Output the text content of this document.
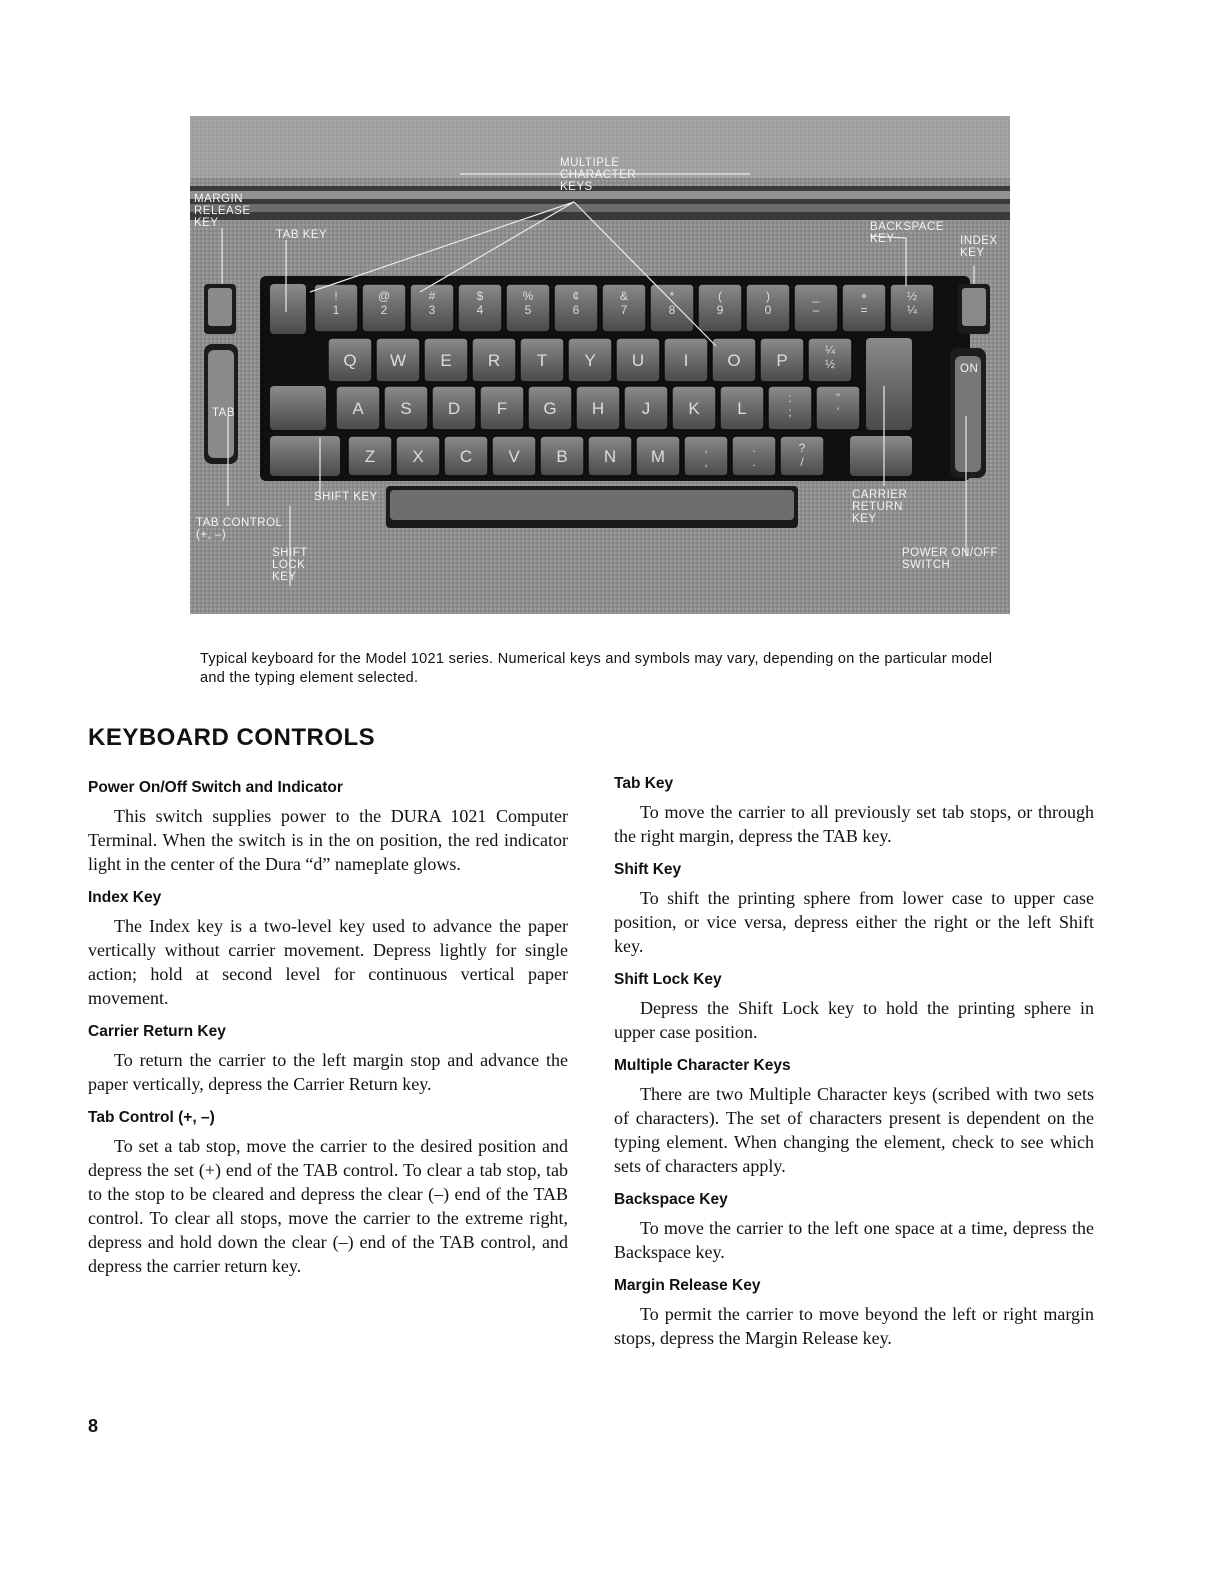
!
1
@
2
#
3
$
4
%
5
¢
6
&
7
*
8
(
9
)
0
_
–
+
=
½
¼
Q W E R T Y U I O P
¼
½
A S D F G H J K L
:
;
"
'
Z X C V B N M	,
,
.
.
?
/
MULTIPLE
CHARACTER
KEYS
MARGIN
RELEASE
KEY
TAB KEY
BACKSPACE
KEY	INDEX
KEY
SHIFT KEY	CARRIER
RETURN
KEY
TAB CONTROL
(+, –)
SHIFT
LOCK
KEY
POWER ON/OFF
SWITCH
TAB
ON
Typical keyboard for the Model 1021 series. Numerical keys and symbols may vary, depending on the particular model and the typing element selected.
KEYBOARD CONTROLS
Power On/Off Switch and Indicator

This switch supplies power to the DURA 1021 Computer Terminal. When the switch is in the on position, the red indicator light in the center of the Dura “d” nameplate glows.

Index Key

The Index key is a two-level key used to advance the paper vertically without carrier movement. Depress lightly for single action; hold at second level for continuous vertical paper movement.

Carrier Return Key

To return the carrier to the left margin stop and advance the paper vertically, depress the Carrier Return key.

Tab Control (+, –)

To set a tab stop, move the carrier to the desired position and depress the set (+) end of the TAB control. To clear a tab stop, tab to the stop to be cleared and depress the clear (–) end of the TAB control. To clear all stops, move the carrier to the extreme right, depress and hold down the clear (–) end of the TAB control, and depress the carrier return key.

Tab Key

To move the carrier to all previously set tab stops, or through the right margin, depress the TAB key.

Shift Key

To shift the printing sphere from lower case to upper case position, or vice versa, depress either the right or the left Shift key.

Shift Lock Key

Depress the Shift Lock key to hold the printing sphere in upper case position.

Multiple Character Keys

There are two Multiple Character keys (scribed with two sets of characters). The set of characters present is dependent on the typing element. When changing the element, check to see which sets of characters apply.

Backspace Key

To move the carrier to the left one space at a time, depress the Backspace key.

Margin Release Key

To permit the carrier to move beyond the left or right margin stops, depress the Margin Release key.

8
